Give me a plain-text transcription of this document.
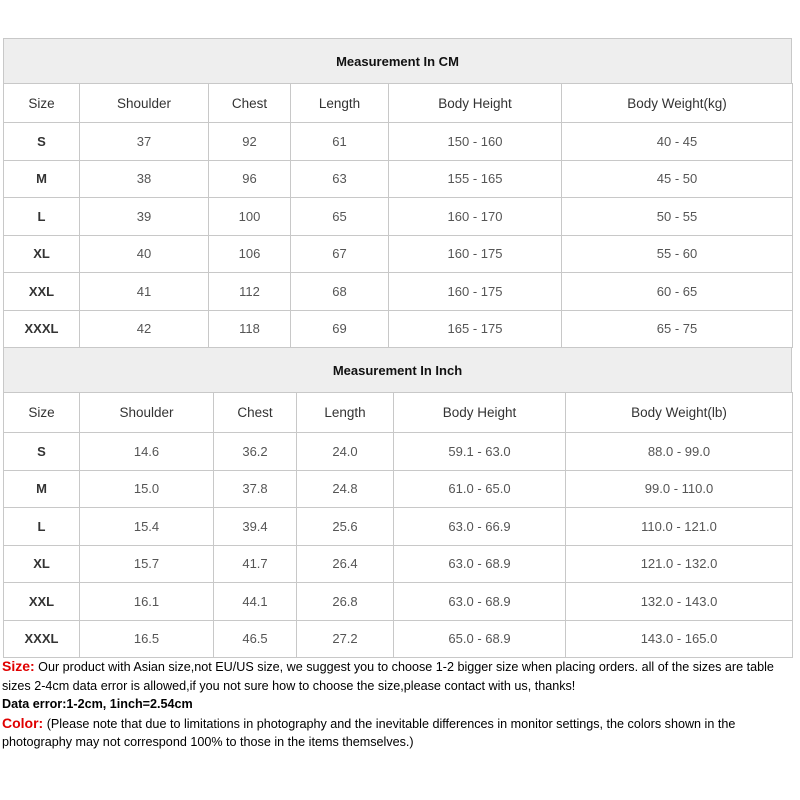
Measurement In CM
Size	Shoulder	Chest	Length	Body Height	Body Weight(kg)
S	37	92	61	150 - 160	40 - 45
M	38	96	63	155 - 165	45 - 50
L	39	100	65	160 - 170	50 - 55
XL	40	106	67	160 - 175	55 - 60
XXL	41	112	68	160 - 175	60 - 65
XXXL	42	118	69	165 - 175	65 - 75
Measurement In Inch
Size	Shoulder	Chest	Length	Body Height	Body Weight(lb)
S	14.6	36.2	24.0	59.1 - 63.0	88.0 - 99.0
M	15.0	37.8	24.8	61.0 - 65.0	99.0 - 110.0
L	15.4	39.4	25.6	63.0 - 66.9	110.0 - 121.0
XL	15.7	41.7	26.4	63.0 - 68.9	121.0 - 132.0
XXL	16.1	44.1	26.8	63.0 - 68.9	132.0 - 143.0
XXXL	16.5	46.5	27.2	65.0 - 68.9	143.0 - 165.0

Size: Our product with Asian size,not EU/US size, we suggest you to choose 1-2 bigger size when placing orders. all of the sizes are table sizes 2-4cm data error is allowed,if you not sure how to choose the size,please contact with us, thanks!

Data error:1-2cm, 1inch=2.54cm

Color: (Please note that due to limitations in photography and the inevitable differences in monitor settings, the colors shown in the photography may not correspond 100% to those in the items themselves.)
